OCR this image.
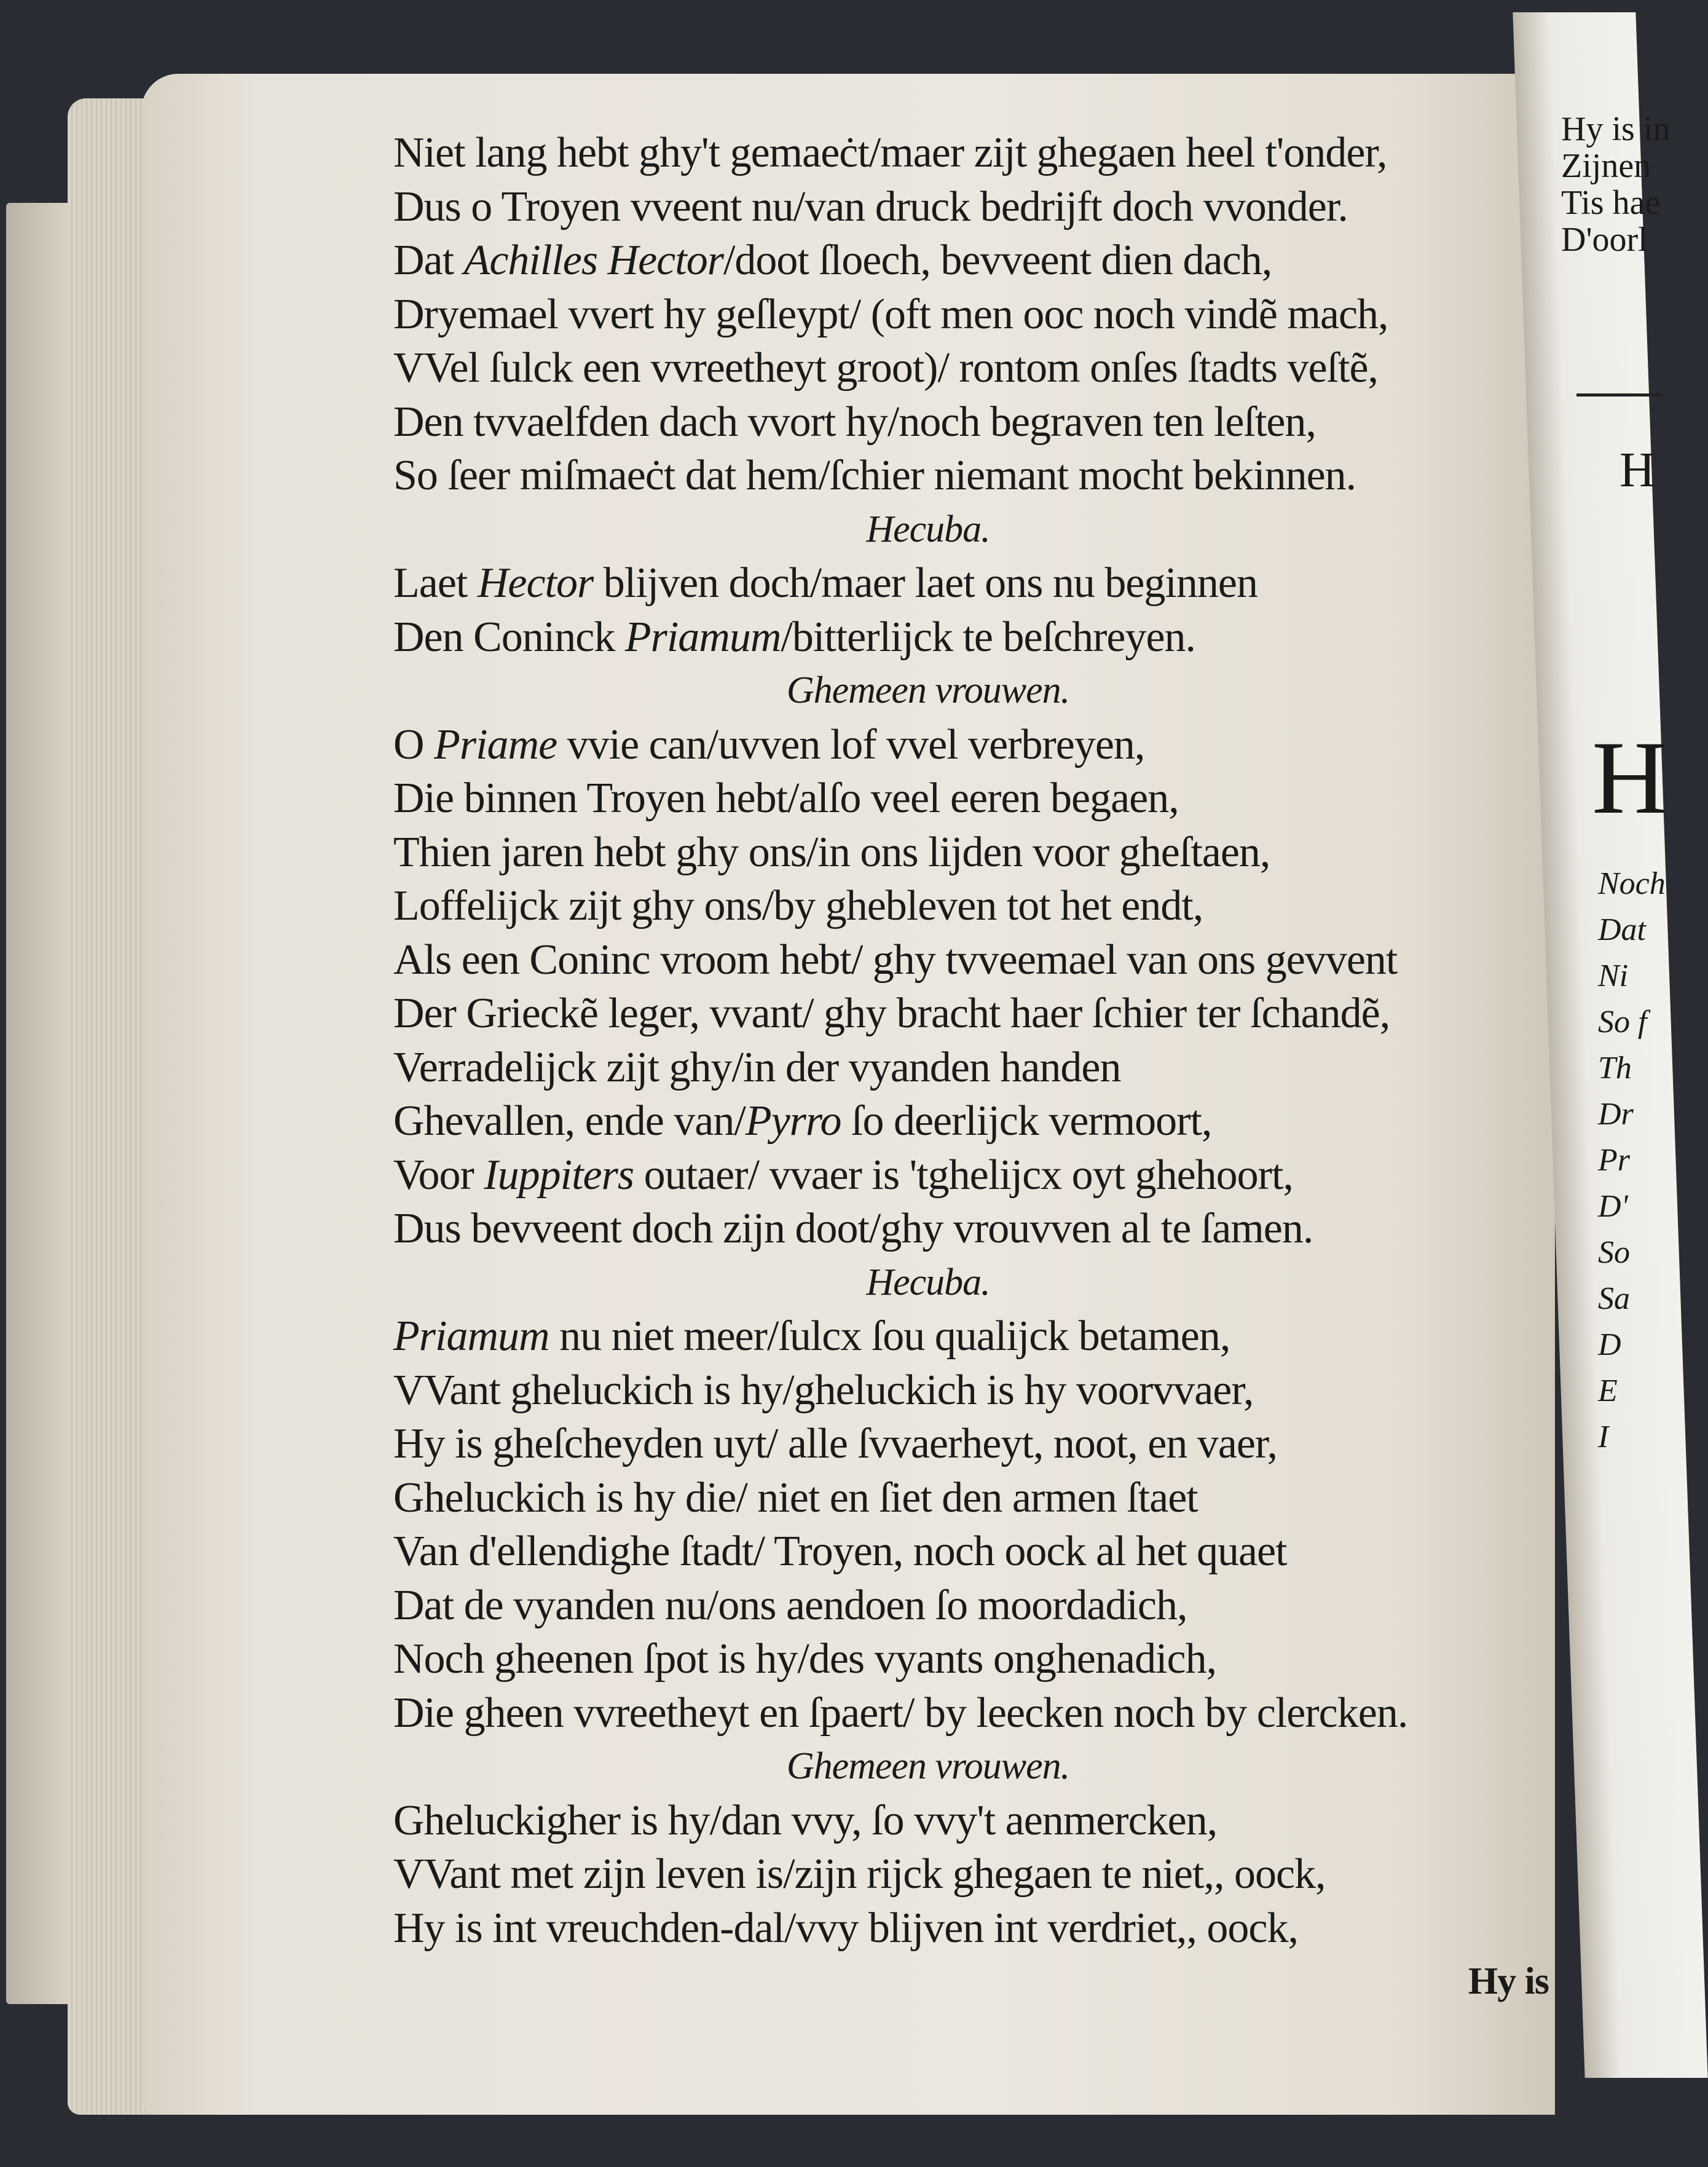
Niet lang hebt ghy't gemaeċt/maer zijt ghegaen heel t'onder,
Dus o Troyen vveent nu/van druck bedrijft doch vvonder.
Dat Achilles Hector/doot ſloech, bevveent dien dach,
Dryemael vvert hy geſleypt/ (oft men ooc noch vindẽ mach,
VVel ſulck een vvreetheyt groot)/ rontom onſes ſtadts veſtẽ,
Den tvvaelfden dach vvort hy/noch begraven ten leſten,
So ſeer miſmaeċt dat hem/ſchier niemant mocht bekinnen.
Hecuba.
Laet Hector blijven doch/maer laet ons nu beginnen
Den Coninck Priamum/bitterlijck te beſchreyen.
Ghemeen vrouwen.
O Priame vvie can/uvven lof vvel verbreyen,
Die binnen Troyen hebt/alſo veel eeren begaen,
Thien jaren hebt ghy ons/in ons lijden voor gheſtaen,
Loffelijck zijt ghy ons/by ghebleven tot het endt,
Als een Coninc vroom hebt/ ghy tvveemael van ons gevvent
Der Grieckẽ leger, vvant/ ghy bracht haer ſchier ter ſchandẽ,
Verradelijck zijt ghy/in der vyanden handen
Ghevallen, ende van/Pyrro ſo deerlijck vermoort,
Voor Iuppiters outaer/ vvaer is 'tghelijcx oyt ghehoort,
Dus bevveent doch zijn doot/ghy vrouvven al te ſamen.
Hecuba.
Priamum nu niet meer/ſulcx ſou qualijck betamen,
VVant gheluckich is hy/gheluckich is hy voorvvaer,
Hy is gheſcheyden uyt/ alle ſvvaerheyt, noot, en vaer,
Gheluckich is hy die/ niet en ſiet den armen ſtaet
Van d'ellendighe ſtadt/ Troyen, noch oock al het quaet
Dat de vyanden nu/ons aendoen ſo moordadich,
Noch gheenen ſpot is hy/des vyants onghenadich,
Die gheen vvreetheyt en ſpaert/ by leecken noch by clercken.
Ghemeen vrouwen.
Gheluckigher is hy/dan vvy, ſo vvy't aenmercken,
VVant met zijn leven is/zijn rijck ghegaen te niet,, oock,
Hy is int vreuchden-dal/vvy blijven int verdriet,, oock,
Hy is
Hy is in
Zijnen
Tis hae
D'oorl
H
H
Noch
Dat
Ni
So f
Th
Dr
Pr
D'
So
Sa
D
E
I
